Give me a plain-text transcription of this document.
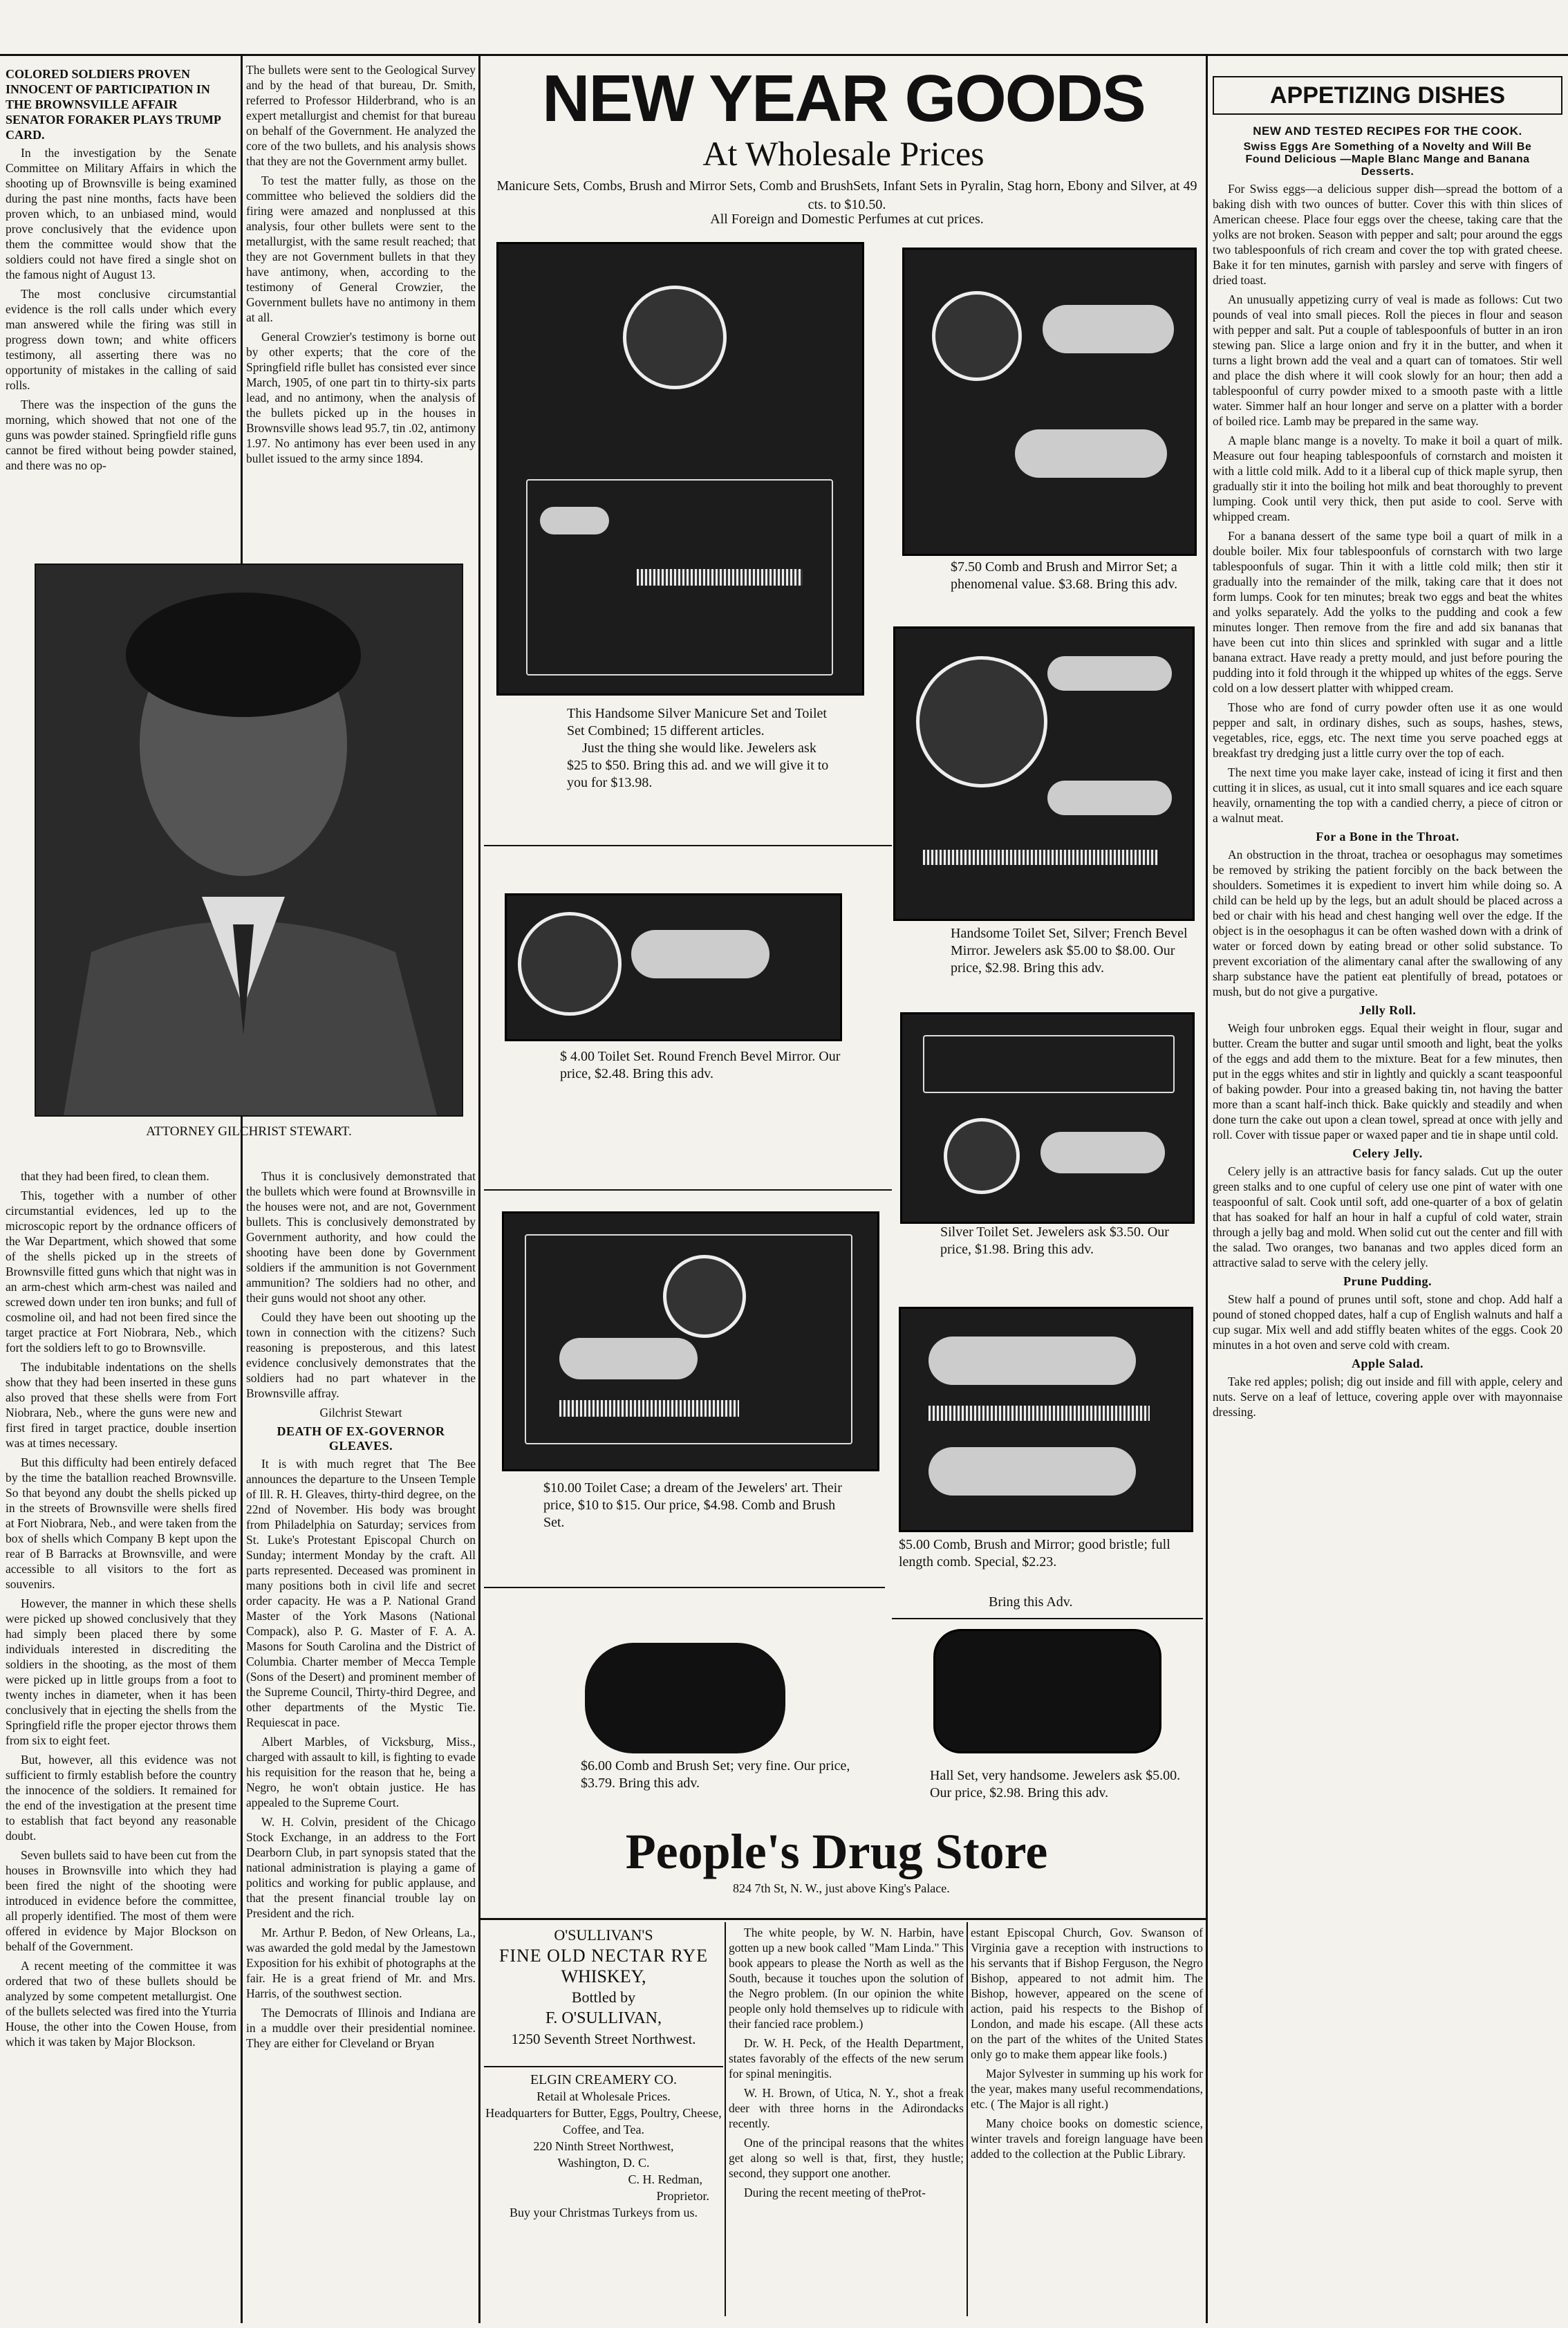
COLORED SOLDIERS PROVEN INNOCENT OF PARTICIPATION IN THE BROWNSVILLE AFFAIR SENATOR FORAKER PLAYS TRUMP CARD.

In the investigation by the Senate Committee on Military Affairs in which the shooting up of Brownsville is being examined during the past nine months, facts have been proven which, to an unbiased mind, would prove conclusively that the evidence upon them the committee would show that the soldiers could not have fired a single shot on the famous night of August 13.

The most conclusive circumstantial evidence is the roll calls under which every man answered while the firing was still in progress down town; and white officers testimony, all asserting there was no opportunity of mistakes in the calling of said rolls.

There was the inspection of the guns the morning, which showed that not one of the guns was powder stained. Springfield rifle guns cannot be fired without being powder stained, and there was no op-

ATTORNEY GILCHRIST STEWART.

that they had been fired, to clean them.

This, together with a number of other circumstantial evidences, led up to the microscopic report by the ordnance officers of the War Department, which showed that some of the shells picked up in the streets of Brownsville fitted guns which that night was in an arm-chest which arm-chest was nailed and screwed down under ten iron bunks; and full of cosmoline oil, and had not been fired since the target practice at Fort Niobrara, Neb., which fort the soldiers left to go to Brownsville.

The indubitable indentations on the shells show that they had been inserted in these guns also proved that these shells were from Fort Niobrara, Neb., where the guns were new and first fired in target practice, double insertion was at times necessary.

But this difficulty had been entirely defaced by the time the batallion reached Brownsville. So that beyond any doubt the shells picked up in the streets of Brownsville were shells fired at Fort Niobrara, Neb., and were taken from the box of shells which Company B kept upon the rear of B Barracks at Brownsville, and were accessible to all visitors to the fort as souvenirs.

However, the manner in which these shells were picked up showed conclusively that they had simply been placed there by some individuals interested in discrediting the soldiers in the shooting, as the most of them were picked up in little groups from a foot to twenty inches in diameter, when it has been conclusively that in ejecting the shells from the Springfield rifle the proper ejector throws them from six to eight feet.

But, however, all this evidence was not sufficient to firmly establish before the country the innocence of the soldiers. It remained for the end of the investigation at the present time to establish that fact beyond any reasonable doubt.

Seven bullets said to have been cut from the houses in Brownsville into which they had been fired the night of the shooting were introduced in evidence before the committee, all properly identified. The most of them were offered in evidence by Major Blockson on behalf of the Government.

A recent meeting of the committee it was ordered that two of these bullets should be analyzed by some competent metallurgist. One of the bullets selected was fired into the Yturria House, the other into the Cowen House, from which it was taken by Major Blockson.

The bullets were sent to the Geological Survey and by the head of that bureau, Dr. Smith, referred to Professor Hilderbrand, who is an expert metallurgist and chemist for that bureau on behalf of the Government. He analyzed the core of the two bullets, and his analysis shows that they are not the Government army bullet.

To test the matter fully, as those on the committee who believed the soldiers did the firing were amazed and nonplussed at this analysis, four other bullets were sent to the metallurgist, with the same result reached; that they are not Government bullets in that they have antimony, when, according to the testimony of General Crowzier, the Government bullets have no antimony in them at all.

General Crowzier's testimony is borne out by other experts; that the core of the Springfield rifle bullet has consisted ever since March, 1905, of one part tin to thirty-six parts lead, and no antimony, when the analysis of the bullets picked up in the houses in Brownsville shows lead 95.7, tin .02, antimony 1.97. No antimony has ever been used in any bullet issued to the army since 1894.

Thus it is conclusively demonstrated that the bullets which were found at Brownsville in the houses were not, and are not, Government bullets. This is conclusively demonstrated by Government authority, and how could the shooting have been done by Government soldiers if the ammunition is not Government ammunition? The soldiers had no other, and their guns would not shoot any other.

Could they have been out shooting up the town in connection with the citizens? Such reasoning is preposterous, and this latest evidence conclusively demonstrates that the soldiers had no part whatever in the Brownsville affray.

Gilchrist Stewart

DEATH OF EX-GOVERNOR GLEAVES.

It is with much regret that The Bee announces the departure to the Unseen Temple of Ill. R. H. Gleaves, thirty-third degree, on the 22nd of November. His body was brought from Philadelphia on Saturday; services from St. Luke's Protestant Episcopal Church on Sunday; interment Monday by the craft. All parts represented. Deceased was prominent in many positions both in civil life and secret order capacity. He was a P. National Grand Master of the York Masons (National Compack), also P. G. Master of F. A. A. Masons for South Carolina and the District of Columbia. Charter member of Mecca Temple (Sons of the Desert) and prominent member of the Supreme Council, Thirty-third Degree, and other departments of the Mystic Tie. Requiescat in pace.

Albert Marbles, of Vicksburg, Miss., charged with assault to kill, is fighting to evade his requisition for the reason that he, being a Negro, he won't obtain justice. He has appealed to the Supreme Court.

W. H. Colvin, president of the Chicago Stock Exchange, in an address to the Fort Dearborn Club, in part synopsis stated that the national administration is playing a game of politics and working for public applause, and that the present financial trouble lay on President and the rich.

Mr. Arthur P. Bedon, of New Orleans, La., was awarded the gold medal by the Jamestown Exposition for his exhibit of photographs at the fair. He is a great friend of Mr. and Mrs. Harris, of the southwest section.

The Democrats of Illinois and Indiana are in a muddle over their presidential nominee. They are either for Cleveland or Bryan

NEW YEAR GOODS
At Wholesale Prices
Manicure Sets, Combs, Brush and Mirror Sets, Comb and BrushSets, Infant Sets in Pyralin, Stag horn, Ebony and Silver, at 49 cts. to $10.50.
All Foreign and Domestic Perfumes at cut prices.
This Handsome Silver Manicure Set and Toilet Set Combined; 15 different articles.
Just the thing she would like. Jewelers ask
$25 to $50. Bring this ad. and we will give it to you for $13.98.
$7.50 Comb and Brush and Mirror Set; a phenomenal value. $3.68. Bring this adv.
Handsome Toilet Set, Silver; French Bevel Mirror. Jewelers ask $5.00 to $8.00. Our price, $2.98. Bring this adv.
$ 4.00 Toilet Set. Round French Bevel Mirror. Our price, $2.48. Bring this adv.
Silver Toilet Set. Jewelers ask $3.50. Our price, $1.98. Bring this adv.
$10.00 Toilet Case; a dream of the Jewelers' art. Their price, $10 to $15. Our price, $4.98. Comb and Brush Set.
$5.00 Comb, Brush and Mirror; good bristle; full length comb. Special, $2.23.
Bring this Adv.
$6.00 Comb and Brush Set; very fine. Our price, $3.79. Bring this adv.	Hall Set, very handsome. Jewelers ask $5.00. Our price, $2.98. Bring this adv.
People's Drug Store
824 7th St, N. W., just above King's Palace.
O'SULLIVAN'S
FINE OLD NECTAR RYE
WHISKEY,
Bottled by
F. O'SULLIVAN,
1250 Seventh Street Northwest.
ELGIN CREAMERY CO.
Retail at Wholesale Prices.
Headquarters for Butter, Eggs, Poultry, Cheese, Coffee, and Tea.
220 Ninth Street Northwest,
Washington, D. C.
C. H. Redman,
Proprietor.
Buy your Christmas Turkeys from us.

The white people, by W. N. Harbin, have gotten up a new book called "Mam Linda." This book appears to please the North as well as the South, because it touches upon the solution of the Negro problem. (In our opinion the white people only hold themselves up to ridicule with their fancied race problem.)

Dr. W. H. Peck, of the Health Department, states favorably of the effects of the new serum for spinal meningitis.

W. H. Brown, of Utica, N. Y., shot a freak deer with three horns in the Adirondacks recently.

One of the principal reasons that the whites get along so well is that, first, they hustle; second, they support one another.

During the recent meeting of theProt-

estant Episcopal Church, Gov. Swanson of Virginia gave a reception with instructions to his servants that if Bishop Ferguson, the Negro Bishop, appeared to not admit him. The Bishop, however, appeared on the scene of action, paid his respects to the Bishop of London, and made his escape. (All these acts on the part of the whites of the United States only go to make them appear like fools.)

Major Sylvester in summing up his work for the year, makes many useful recommendations, etc. ( The Major is all right.)

Many choice books on domestic science, winter travels and foreign language have been added to the collection at the Public Library.

APPETIZING DISHES
NEW AND TESTED RECIPES FOR THE COOK.
Swiss Eggs Are Something of a Novelty and Will Be Found Delicious —Maple Blanc Mange and Banana Desserts.

For Swiss eggs—a delicious supper dish—spread the bottom of a baking dish with two ounces of butter. Cover this with thin slices of American cheese. Place four eggs over the cheese, taking care that the yolks are not broken. Season with pepper and salt; pour around the eggs two tablespoonfuls of rich cream and cover the top with grated cheese. Bake it for ten minutes, garnish with parsley and serve with fingers of dried toast.

An unusually appetizing curry of veal is made as follows: Cut two pounds of veal into small pieces. Roll the pieces in flour and season with pepper and salt. Put a couple of tablespoonfuls of butter in an iron stewing pan. Slice a large onion and fry it in the butter, and when it turns a light brown add the veal and a quart can of tomatoes. Stir well and place the dish where it will cook slowly for an hour; then add a tablespoonful of curry powder mixed to a smooth paste with a little water. Simmer half an hour longer and serve on a platter with a border of boiled rice. Lamb may be prepared in the same way.

A maple blanc mange is a novelty. To make it boil a quart of milk. Measure out four heaping tablespoonfuls of cornstarch and moisten it with a little cold milk. Add to it a liberal cup of thick maple syrup, then gradually stir it into the boiling hot milk and beat thoroughly to prevent lumping. Cook until very thick, then put aside to cool. Serve with whipped cream.

For a banana dessert of the same type boil a quart of milk in a double boiler. Mix four tablespoonfuls of cornstarch with two large tablespoonfuls of sugar. Thin it with a little cold milk; then stir it gradually into the remainder of the milk, taking care that it does not form lumps. Cook for ten minutes; break two eggs and beat the whites and yolks separately. Add the yolks to the pudding and cook a few minutes longer. Then remove from the fire and add six bananas that have been cut into thin slices and sprinkled with sugar and a little banana extract. Have ready a pretty mould, and just before pouring the pudding into it fold through it the whipped up whites of the eggs. Serve cold on a low dessert platter with whipped cream.

Those who are fond of curry powder often use it as one would pepper and salt, in ordinary dishes, such as soups, hashes, stews, vegetables, rice, eggs, etc. The next time you serve poached eggs at breakfast try dredging just a little curry over the top of each.

The next time you make layer cake, instead of icing it first and then cutting it in slices, as usual, cut it into small squares and ice each square heavily, ornamenting the top with a candied cherry, a piece of citron or a walnut meat.

For a Bone in the Throat.

An obstruction in the throat, trachea or oesophagus may sometimes be removed by striking the patient forcibly on the back between the shoulders. Sometimes it is expedient to invert him while doing so. A child can be held up by the legs, but an adult should be placed across a bed or chair with his head and chest hanging well over the edge. If the object is in the oesophagus it can be often washed down with a drink of water or forced down by eating bread or other solid substance. To prevent excoriation of the alimentary canal after the swallowing of any sharp substance have the patient eat plentifully of bread, potatoes or mush, but do not give a purgative.

Jelly Roll.

Weigh four unbroken eggs. Equal their weight in flour, sugar and butter. Cream the butter and sugar until smooth and light, beat the yolks of the eggs and add them to the mixture. Beat for a few minutes, then put in the eggs whites and stir in lightly and quickly a scant teaspoonful of baking powder. Pour into a greased baking tin, not having the batter more than a scant half-inch thick. Bake quickly and steadily and when done turn the cake out upon a clean towel, spread at once with jelly and roll. Cover with tissue paper or waxed paper and tie in shape until cold.

Celery Jelly.

Celery jelly is an attractive basis for fancy salads. Cut up the outer green stalks and to one cupful of celery use one pint of water with one teaspoonful of salt. Cook until soft, add one-quarter of a box of gelatin that has soaked for half an hour in half a cupful of cold water, strain through a jelly bag and mold. When solid cut out the center and fill with the salad. Two oranges, two bananas and two apples diced form an attractive salad to serve with the celery jelly.

Prune Pudding.

Stew half a pound of prunes until soft, stone and chop. Add half a pound of stoned chopped dates, half a cup of English walnuts and half a cup sugar. Mix well and add stiffly beaten whites of the eggs. Cook 20 minutes in a hot oven and serve cold with cream.

Apple Salad.

Take red apples; polish; dig out inside and fill with apple, celery and nuts. Serve on a leaf of lettuce, covering apple over with mayonnaise dressing.
